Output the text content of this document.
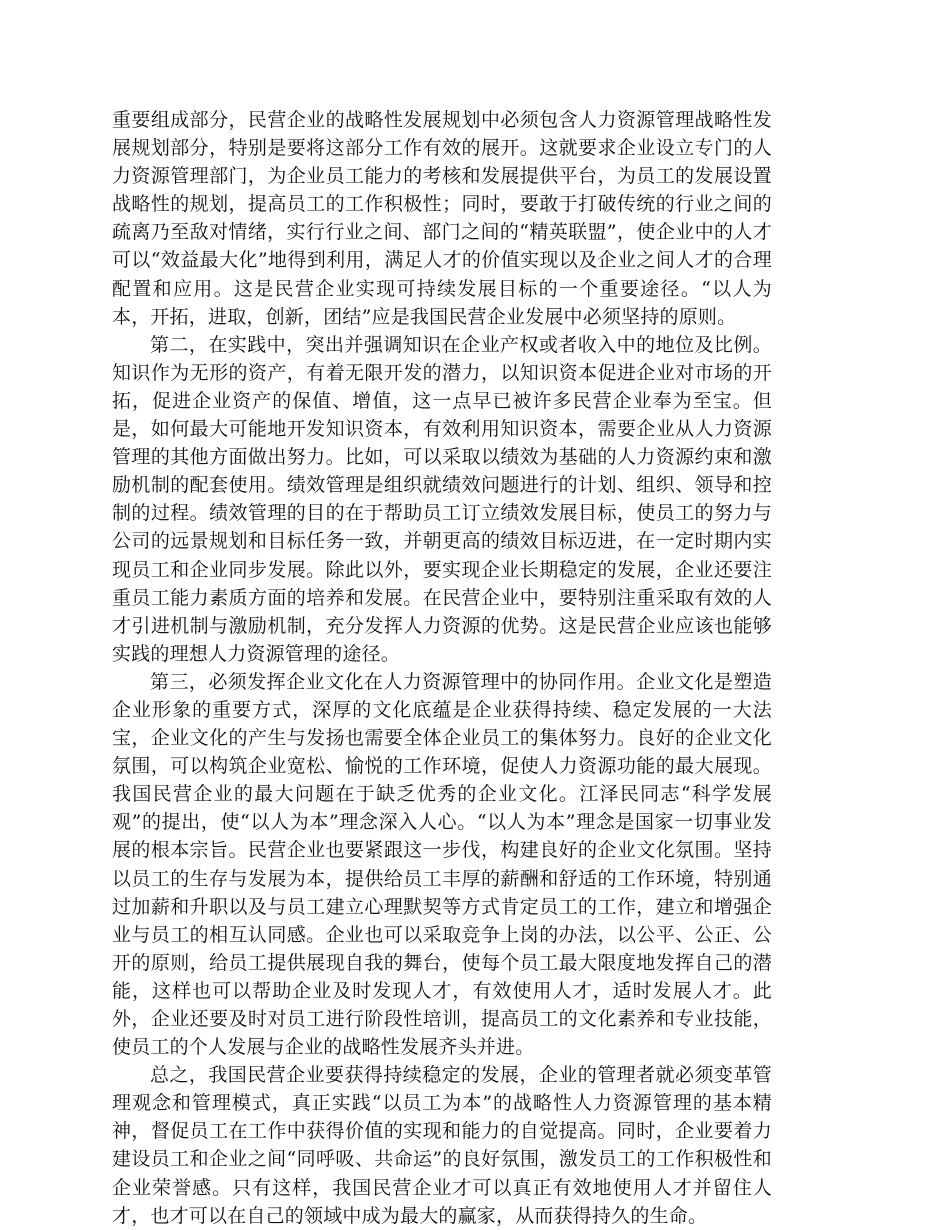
重要组成部分，民营企业的战略性发展规划中必须包含人力资源管理战略性发展规划部分，特别是要将这部分工作有效的展开。这就要求企业设立专门的人力资源管理部门，为企业员工能力的考核和发展提供平台，为员工的发展设置战略性的规划，提高员工的工作积极性；同时，要敢于打破传统的行业之间的疏离乃至敌对情绪，实行行业之间、部门之间的“精英联盟”，使企业中的人才可以“效益最大化”地得到利用，满足人才的价值实现以及企业之间人才的合理配置和应用。这是民营企业实现可持续发展目标的一个重要途径。“以人为本，开拓，进取，创新，团结”应是我国民营企业发展中必须坚持的原则。

第二，在实践中，突出并强调知识在企业产权或者收入中的地位及比例。知识作为无形的资产，有着无限开发的潜力，以知识资本促进企业对市场的开拓，促进企业资产的保值、增值，这一点早已被许多民营企业奉为至宝。但是，如何最大可能地开发知识资本，有效利用知识资本，需要企业从人力资源管理的其他方面做出努力。比如，可以采取以绩效为基础的人力资源约束和激励机制的配套使用。绩效管理是组织就绩效问题进行的计划、组织、领导和控制的过程。绩效管理的目的在于帮助员工订立绩效发展目标，使员工的努力与公司的远景规划和目标任务一致，并朝更高的绩效目标迈进，在一定时期内实现员工和企业同步发展。除此以外，要实现企业长期稳定的发展，企业还要注重员工能力素质方面的培养和发展。在民营企业中，要特别注重采取有效的人才引进机制与激励机制，充分发挥人力资源的优势。这是民营企业应该也能够实践的理想人力资源管理的途径。

第三，必须发挥企业文化在人力资源管理中的协同作用。企业文化是塑造企业形象的重要方式，深厚的文化底蕴是企业获得持续、稳定发展的一大法宝，企业文化的产生与发扬也需要全体企业员工的集体努力。良好的企业文化氛围，可以构筑企业宽松、愉悦的工作环境，促使人力资源功能的最大展现。我国民营企业的最大问题在于缺乏优秀的企业文化。江泽民同志“科学发展观”的提出，使“以人为本”理念深入人心。“以人为本”理念是国家一切事业发展的根本宗旨。民营企业也要紧跟这一步伐，构建良好的企业文化氛围。坚持以员工的生存与发展为本，提供给员工丰厚的薪酬和舒适的工作环境，特别通过加薪和升职以及与员工建立心理默契等方式肯定员工的工作，建立和增强企业与员工的相互认同感。企业也可以采取竞争上岗的办法，以公平、公正、公开的原则，给员工提供展现自我的舞台，使每个员工最大限度地发挥自己的潜能，这样也可以帮助企业及时发现人才，有效使用人才，适时发展人才。此外，企业还要及时对员工进行阶段性培训，提高员工的文化素养和专业技能，使员工的个人发展与企业的战略性发展齐头并进。

总之，我国民营企业要获得持续稳定的发展，企业的管理者就必须变革管理观念和管理模式，真正实践“以员工为本”的战略性人力资源管理的基本精神，督促员工在工作中获得价值的实现和能力的自觉提高。同时，企业要着力建设员工和企业之间“同呼吸、共命运”的良好氛围，激发员工的工作积极性和企业荣誉感。只有这样，我国民营企业才可以真正有效地使用人才并留住人才，也才可以在自己的领域中成为最大的赢家，从而获得持久的生命。
